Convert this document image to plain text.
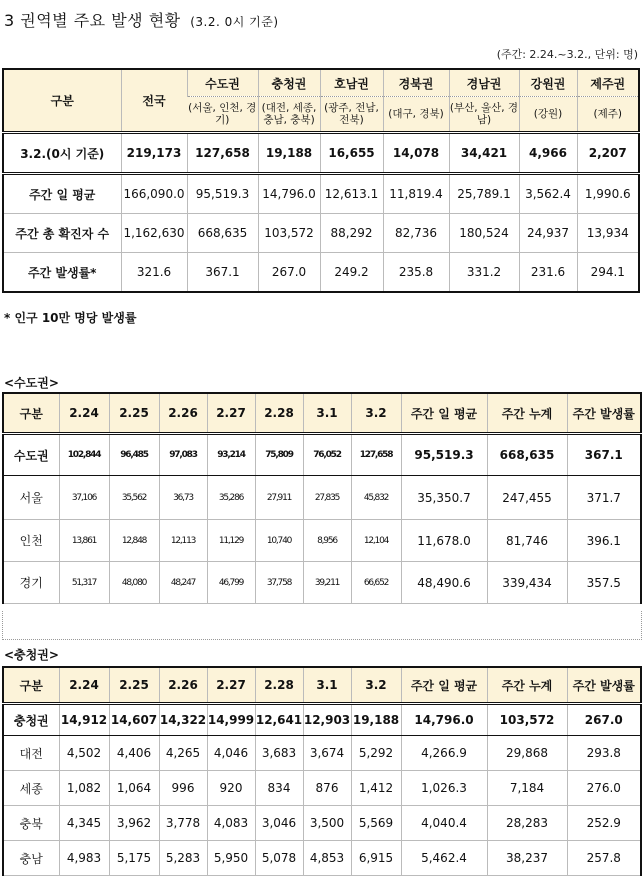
3 권역별 주요 발생 현황 (3.2. 0시 기준)
(주간: 2.24.~3.2., 단위: 명)
구분	전국	수도권	충청권	호남권	경북권	경남권	강원권	제주권
		(서울, 인천, 경기)	(대전, 세종, 충남, 충북)	(광주, 전남, 전북)	(대구, 경북)	(부산, 울산, 경남)	(강원)	(제주)
3.2.(0시 기준)	219,173	127,658	19,188	16,655	14,078	34,421	4,966	2,207
주간 일 평균	166,090.0	95,519.3	14,796.0	12,613.1	11,819.4	25,789.1	3,562.4	1,990.6
주간 총 확진자 수	1,162,630	668,635	103,572	88,292	82,736	180,524	24,937	13,934
주간 발생률*	321.6	367.1	267.0	249.2	235.8	331.2	231.6	294.1
* 인구 10만 명당 발생률
<수도권>
구분	2.24	2.25	2.26	2.27	2.28	3.1	3.2	주간 일 평균	주간 누계	주간 발생률
수도권	102,844	96,485	97,083	93,214	75,809	76,052	127,658	95,519.3	668,635	367.1
서울	37,106	35,562	36,73	35,286	27,911	27,835	45,832	35,350.7	247,455	371.7
인천	13,861	12,848	12,113	11,129	10,740	8,956	12,104	11,678.0	81,746	396.1
경기	51,317	48,080	48,247	46,799	37,758	39,211	66,652	48,490.6	339,434	357.5
<충청권>
구분	2.24	2.25	2.26	2.27	2.28	3.1	3.2	주간 일 평균	주간 누계	주간 발생률
충청권	14,912	14,607	14,322	14,999	12,641	12,903	19,188	14,796.0	103,572	267.0
대전	4,502	4,406	4,265	4,046	3,683	3,674	5,292	4,266.9	29,868	293.8
세종	1,082	1,064	996	920	834	876	1,412	1,026.3	7,184	276.0
충북	4,345	3,962	3,778	4,083	3,046	3,500	5,569	4,040.4	28,283	252.9
충남	4,983	5,175	5,283	5,950	5,078	4,853	6,915	5,462.4	38,237	257.8
